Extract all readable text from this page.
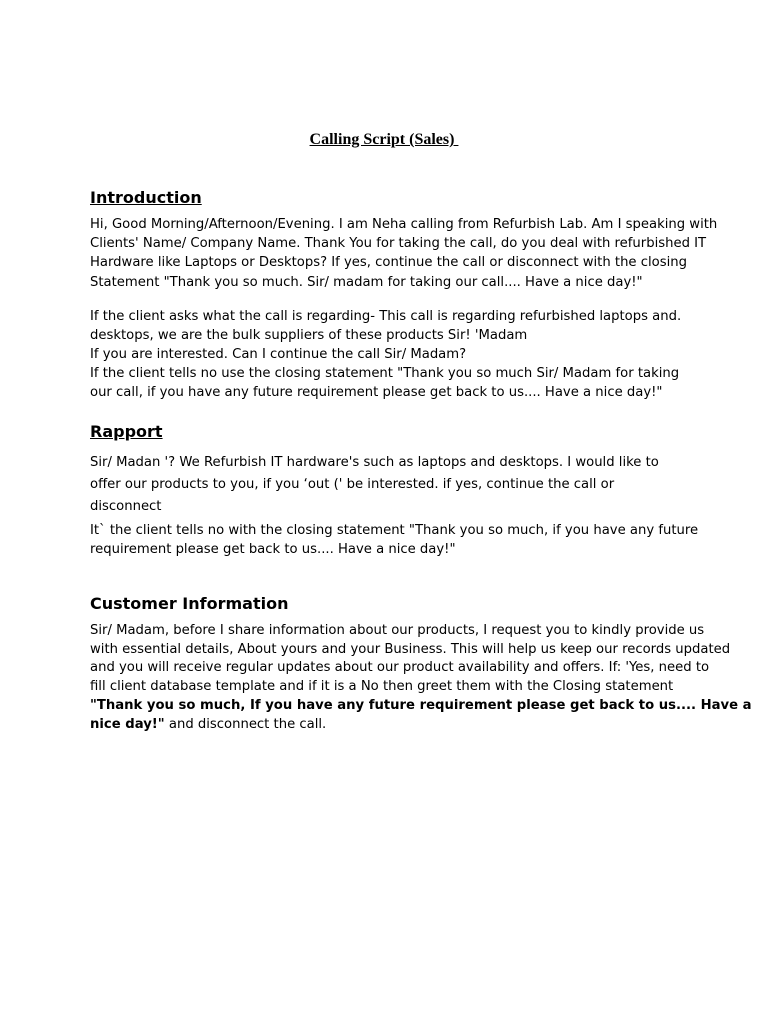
Calling Script (Sales)
Introduction
Hi, Good Morning/Afternoon/Evening. I am Neha calling from Refurbish Lab. Am I speaking with
Clients' Name/ Company Name. Thank You for taking the call, do you deal with refurbished IT
Hardware like Laptops or Desktops? If yes, continue the call or disconnect with the closing
Statement "Thank you so much. Sir/ madam for taking our call.... Have a nice day!"
If the client asks what the call is regarding- This call is regarding refurbished laptops and.
desktops, we are the bulk suppliers of these products Sir! 'Madam
If you are interested. Can I continue the call Sir/ Madam?
If the client tells no use the closing statement "Thank you so much Sir/ Madam for taking
our call, if you have any future requirement please get back to us.... Have a nice day!"
Rapport
Sir/ Madan '? We Refurbish IT hardware's such as laptops and desktops. I would like to
offer our products to you, if you ‘out (' be interested. if yes, continue the call or
disconnect
It` the client tells no with the closing statement "Thank you so much, if you have any future
requirement please get back to us.... Have a nice day!"
Customer Information
Sir/ Madam, before I share information about our products, I request you to kindly provide us
with essential details, About yours and your Business. This will help us keep our records updated
and you will receive regular updates about our product availability and offers. If: 'Yes, need to
fill client database template and if it is a No then greet them with the Closing statement
"Thank you so much, If you have any future requirement please get back to us.... Have a
nice day!" and disconnect the call.
